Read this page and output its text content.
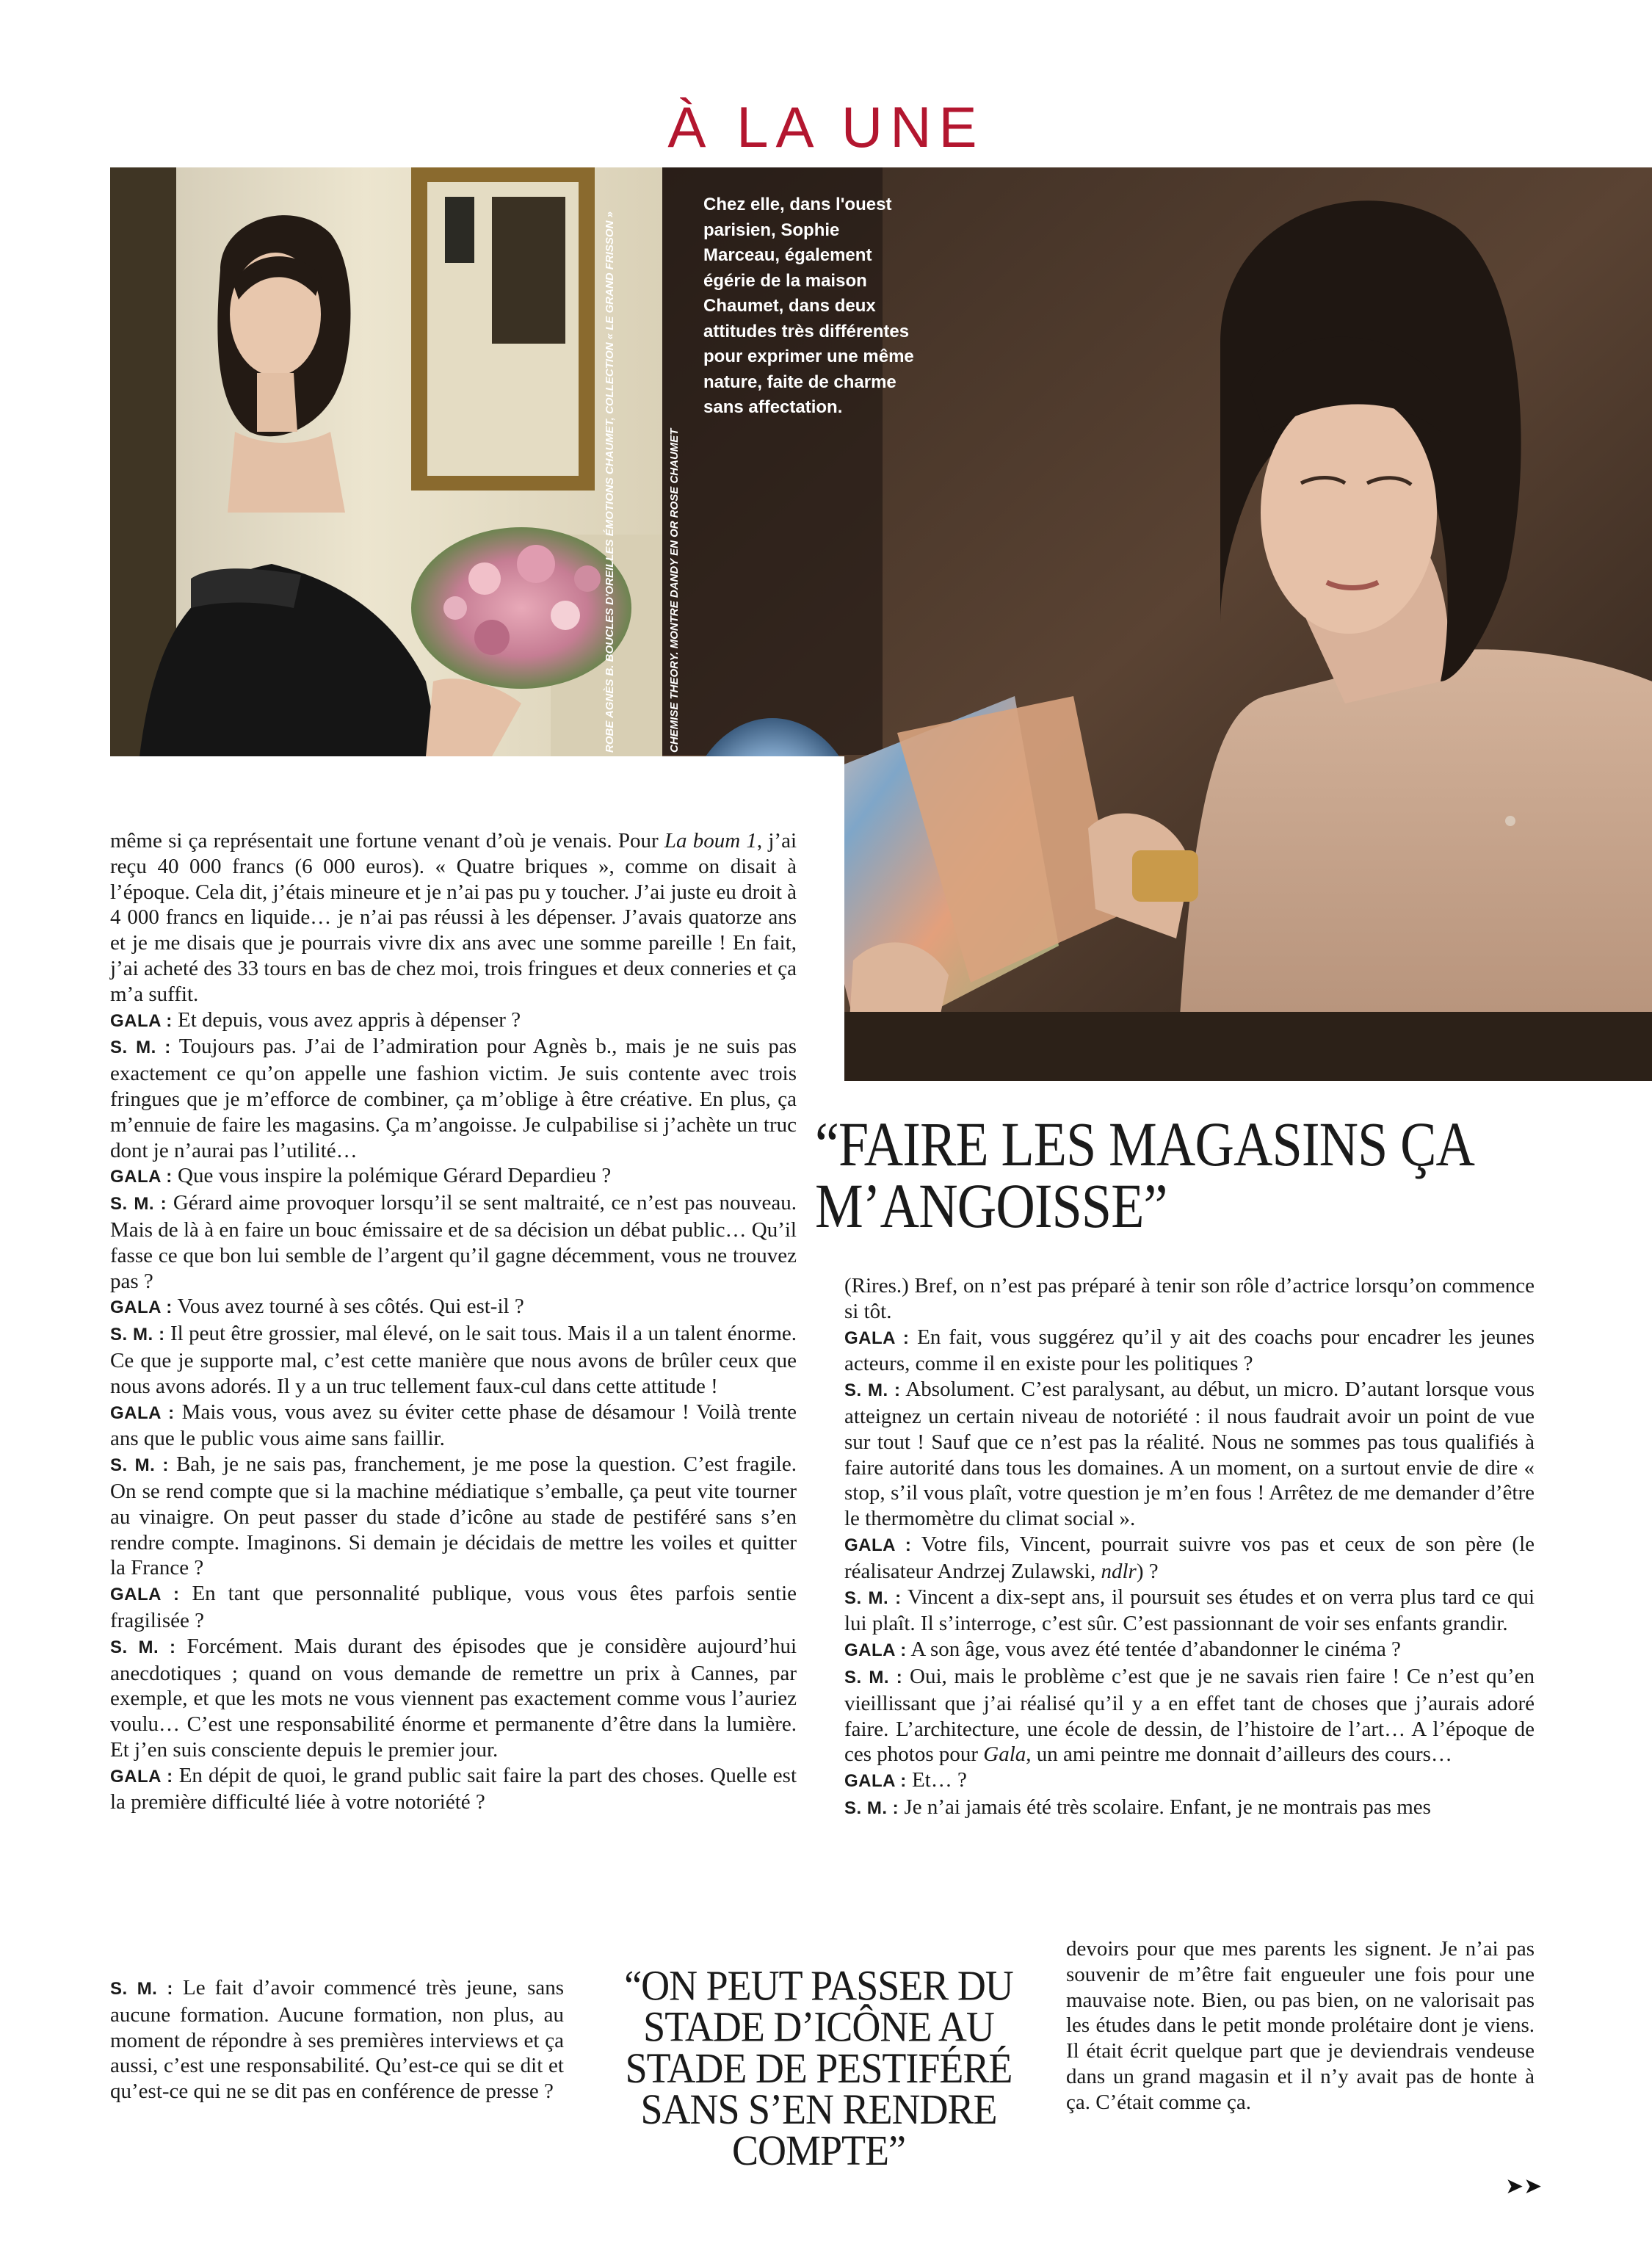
À LA UNE
ROBE AGNÈS B. BOUCLES D'OREILLES ÉMOTIONS CHAUMET, COLLECTION « LE GRAND FRISSON »	CHEMISE THEORY. MONTRE DANDY EN OR ROSE CHAUMET
Chez elle, dans l'ouest parisien, Sophie Marceau, également égérie de la maison Chaumet, dans deux attitudes très différentes pour exprimer une même nature, faite de charme sans affectation.

même si ça représentait une fortune venant d’où je venais. Pour La boum 1, j’ai reçu 40 000 francs (6 000 euros). « Quatre briques », comme on disait à l’époque. Cela dit, j’étais mineure et je n’ai pas pu y toucher. J’ai juste eu droit à 4 000 francs en liquide… je n’ai pas réussi à les dépenser. J’avais quatorze ans et je me disais que je pourrais vivre dix ans avec une somme pareille ! En fait, j’ai acheté des 33 tours en bas de chez moi, trois fringues et deux conneries et ça m’a suffit.

GALA : Et depuis, vous avez appris à dépenser ?

S. M. : Toujours pas. J’ai de l’admiration pour Agnès b., mais je ne suis pas exactement ce qu’on appelle une fashion victim. Je suis contente avec trois fringues que je m’efforce de combiner, ça m’oblige à être créative. En plus, ça m’ennuie de faire les magasins. Ça m’angoisse. Je culpabilise si j’achète un truc dont je n’aurai pas l’utilité…

GALA : Que vous inspire la polémique Gérard Depardieu ?

S. M. : Gérard aime provoquer lorsqu’il se sent maltraité, ce n’est pas nouveau. Mais de là à en faire un bouc émissaire et de sa décision un débat public… Qu’il fasse ce que bon lui semble de l’argent qu’il gagne décemment, vous ne trouvez pas ?

GALA : Vous avez tourné à ses côtés. Qui est-il ?

S. M. : Il peut être grossier, mal élevé, on le sait tous. Mais il a un talent énorme. Ce que je supporte mal, c’est cette manière que nous avons de brûler ceux que nous avons adorés. Il y a un truc tellement faux-cul dans cette attitude !

GALA : Mais vous, vous avez su éviter cette phase de désamour ! Voilà trente ans que le public vous aime sans faillir.

S. M. : Bah, je ne sais pas, franchement, je me pose la question. C’est fragile. On se rend compte que si la machine médiatique s’emballe, ça peut vite tourner au vinaigre. On peut passer du stade d’icône au stade de pestiféré sans s’en rendre compte. Imaginons. Si demain je décidais de mettre les voiles et quitter la France ?

GALA : En tant que personnalité publique, vous vous êtes parfois sentie fragilisée ?

S. M. : Forcément. Mais durant des épisodes que je considère aujourd’hui anecdotiques ; quand on vous demande de remettre un prix à Cannes, par exemple, et que les mots ne vous viennent pas exactement comme vous l’auriez voulu… C’est une responsabilité énorme et permanente d’être dans la lumière. Et j’en suis consciente depuis le premier jour.

GALA : En dépit de quoi, le grand public sait faire la part des choses. Quelle est la première difficulté liée à votre notoriété ?

S. M. : Le fait d’avoir commencé très jeune, sans aucune formation. Aucune formation, non plus, au moment de répondre à ses premières interviews et ça aussi, c’est une responsabilité. Qu’est-ce qui se dit et qu’est-ce qui ne se dit pas en conférence de presse ?

“FAIRE LES MAGASINS ÇA M’ANGOISSE”
“ON PEUT PASSER DU STADE D’ICÔNE AU STADE DE PESTIFÉRÉ SANS S’EN RENDRE COMPTE”

(Rires.) Bref, on n’est pas préparé à tenir son rôle d’actrice lorsqu’on commence si tôt.

GALA : En fait, vous suggérez qu’il y ait des coachs pour encadrer les jeunes acteurs, comme il en existe pour les politiques ?

S. M. : Absolument. C’est paralysant, au début, un micro. D’autant lorsque vous atteignez un certain niveau de notoriété : il nous faudrait avoir un point de vue sur tout ! Sauf que ce n’est pas la réalité. Nous ne sommes pas tous qualifiés à faire autorité dans tous les domaines. A un moment, on a surtout envie de dire « stop, s’il vous plaît, votre question je m’en fous ! Arrêtez de me demander d’être le thermomètre du climat social ».

GALA : Votre fils, Vincent, pourrait suivre vos pas et ceux de son père (le réalisateur Andrzej Zulawski, ndlr) ?

S. M. : Vincent a dix-sept ans, il poursuit ses études et on verra plus tard ce qui lui plaît. Il s’interroge, c’est sûr. C’est passionnant de voir ses enfants grandir.

GALA : A son âge, vous avez été tentée d’abandonner le cinéma ?

S. M. : Oui, mais le problème c’est que je ne savais rien faire ! Ce n’est qu’en vieillissant que j’ai réalisé qu’il y a en effet tant de choses que j’aurais adoré faire. L’architecture, une école de dessin, de l’histoire de l’art… A l’époque de ces photos pour Gala, un ami peintre me donnait d’ailleurs des cours…

GALA : Et… ?

S. M. : Je n’ai jamais été très scolaire. Enfant, je ne montrais pas mes

devoirs pour que mes parents les signent. Je n’ai pas souvenir de m’être fait engueuler une fois pour une mauvaise note. Bien, ou pas bien, on ne valorisait pas les études dans le petit monde prolétaire dont je viens. Il était écrit quelque part que je deviendrais vendeuse dans un grand magasin et il n’y avait pas de honte à ça. C’était comme ça.

➤➤
